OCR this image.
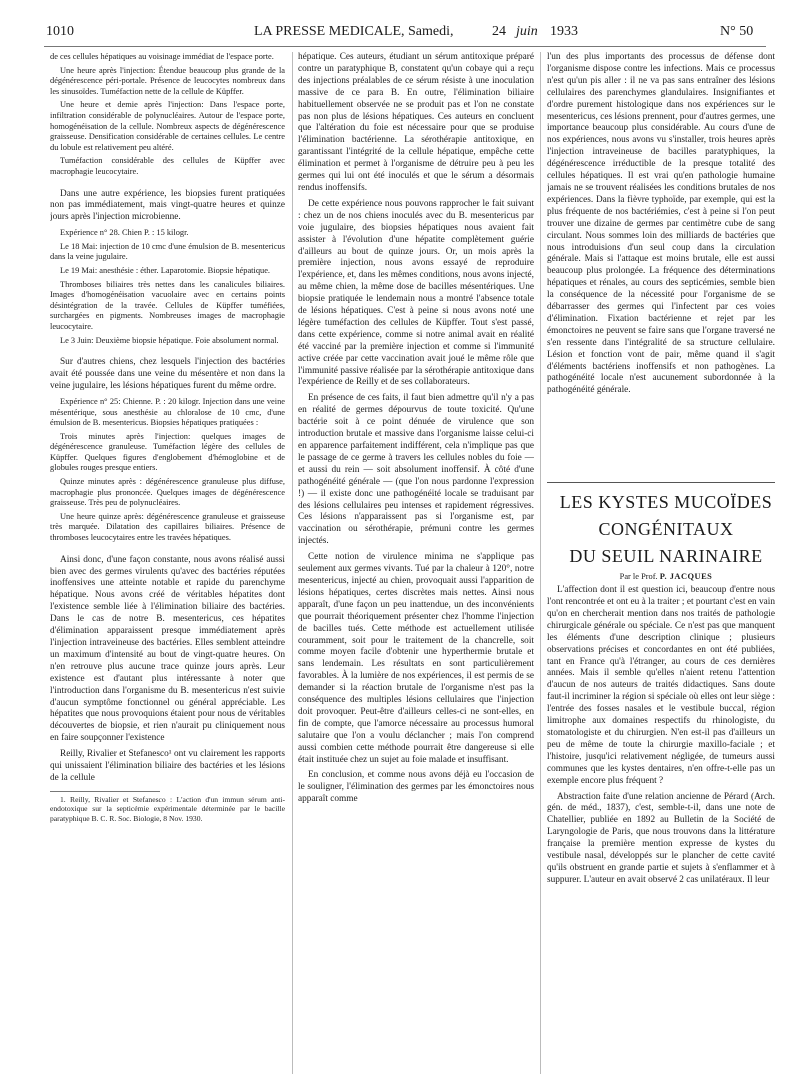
1010	LA PRESSE MEDICALE, Samedi,	24 juin 1933	N° 50

de ces cellules hépatiques au voisinage immédiat de l'espace porte.

Une heure après l'injection: Étendue beaucoup plus grande de la dégénérescence péri-portale. Présence de leucocytes nombreux dans les sinusoïdes. Tuméfaction nette de la cellule de Küpffer.

Une heure et demie après l'injection: Dans l'espace porte, infiltration considérable de polynucléaires. Autour de l'espace porte, homogénéisation de la cellule. Nombreux aspects de dégénérescence graisseuse. Densification considérable de certaines cellules. Le centre du lobule est relativement peu altéré.

Tuméfaction considérable des cellules de Küpffer avec macrophagie leucocytaire.

Dans une autre expérience, les biopsies furent pratiquées non pas immédiatement, mais vingt-quatre heures et quinze jours après l'injection microbienne.

Expérience n° 28. Chien P. : 15 kilogr.

Le 18 Mai: injection de 10 cmc d'une émulsion de B. mesentericus dans la veine jugulaire.

Le 19 Mai: anesthésie : éther. Laparotomie. Biopsie hépatique.

Thromboses biliaires très nettes dans les canalicules biliaires. Images d'homogénéisation vacuolaire avec en certains points désintégration de la travée. Cellules de Küpffer tuméfiées, surchargées en pigments. Nombreuses images de macrophagie leucocytaire.

Le 3 Juin: Deuxième biopsie hépatique. Foie absolument normal.

Sur d'autres chiens, chez lesquels l'injection des bactéries avait été poussée dans une veine du mésentère et non dans la veine jugulaire, les lésions hépatiques furent du même ordre.

Expérience n° 25: Chienne. P. : 20 kilogr. Injection dans une veine mésentérique, sous anesthésie au chloralose de 10 cmc, d'une émulsion de B. mesentericus. Biopsies hépatiques pratiquées :

Trois minutes après l'injection: quelques images de dégénérescence granuleuse. Tuméfaction légère des cellules de Küpffer. Quelques figures d'englobement d'hémoglobine et de globules rouges presque entiers.

Quinze minutes après : dégénérescence granuleuse plus diffuse, macrophagie plus prononcée. Quelques images de dégénérescence graisseuse. Très peu de polynucléaires.

Une heure quinze après: dégénérescence granuleuse et graisseuse très marquée. Dilatation des capillaires biliaires. Présence de thromboses leucocytaires entre les travées hépatiques.

Ainsi donc, d'une façon constante, nous avons réalisé aussi bien avec des germes virulents qu'avec des bactéries réputées inoffensives une atteinte notable et rapide du parenchyme hépatique. Nous avons créé de véritables hépatites dont l'existence semble liée à l'élimination biliaire des bactéries. Dans le cas de notre B. mesentericus, ces hépatites d'élimination apparaissent presque immédiatement après l'injection intraveineuse des bactéries. Elles semblent atteindre un maximum d'intensité au bout de vingt-quatre heures. On n'en retrouve plus aucune trace quinze jours après. Leur existence est d'autant plus intéressante à noter que l'introduction dans l'organisme du B. mesentericus n'est suivie d'aucun symptôme fonctionnel ou général appréciable. Les hépatites que nous provoquions étaient pour nous de véritables découvertes de biopsie, et rien n'aurait pu cliniquement nous en faire soupçonner l'existence

Reilly, Rivalier et Stefanesco¹ ont vu clairement les rapports qui unissaient l'élimination biliaire des bactéries et les lésions de la cellule

1. Reilly, Rivalier et Stefanesco : L'action d'un immun sérum anti-endotoxique sur la septicémie expérimentale déterminée par le bacille paratyphique B. C. R. Soc. Biologie, 8 Nov. 1930.

hépatique. Ces auteurs, étudiant un sérum antitoxique préparé contre un paratyphique B, constatent qu'un cobaye qui a reçu des injections préalables de ce sérum résiste à une inoculation massive de ce para B. En outre, l'élimination biliaire habituellement observée ne se produit pas et l'on ne constate pas non plus de lésions hépatiques. Ces auteurs en concluent que l'altération du foie est nécessaire pour que se produise l'élimination bactérienne. La sérothérapie antitoxique, en garantissant l'intégrité de la cellule hépatique, empêche cette élimination et permet à l'organisme de détruire peu à peu les germes qui lui ont été inoculés et que le sérum a désormais rendus inoffensifs.

De cette expérience nous pouvons rapprocher le fait suivant : chez un de nos chiens inoculés avec du B. mesentericus par voie jugulaire, des biopsies hépatiques nous avaient fait assister à l'évolution d'une hépatite complètement guérie d'ailleurs au bout de quinze jours. Or, un mois après la première injection, nous avons essayé de reproduire l'expérience, et, dans les mêmes conditions, nous avons injecté, au même chien, la même dose de bacilles mésentériques. Une biopsie pratiquée le lendemain nous a montré l'absence totale de lésions hépatiques. C'est à peine si nous avons noté une légère tuméfaction des cellules de Küpffer. Tout s'est passé, dans cette expérience, comme si notre animal avait en réalité été vacciné par la première injection et comme si l'immunité active créée par cette vaccination avait joué le même rôle que l'immunité passive réalisée par la sérothérapie antitoxique dans l'expérience de Reilly et de ses collaborateurs.

En présence de ces faits, il faut bien admettre qu'il n'y a pas en réalité de germes dépourvus de toute toxicité. Qu'une bactérie soit à ce point dénuée de virulence que son introduction brutale et massive dans l'organisme laisse celui-ci en apparence parfaitement indifférent, cela n'implique pas que le passage de ce germe à travers les cellules nobles du foie — et aussi du rein — soit absolument inoffensif. À côté d'une pathogénéité générale — (que l'on nous pardonne l'expression !) — il existe donc une pathogénéité locale se traduisant par des lésions cellulaires peu intenses et rapidement régressives. Ces lésions n'apparaissent pas si l'organisme est, par vaccination ou sérothérapie, prémuni contre les germes injectés.

Cette notion de virulence minima ne s'applique pas seulement aux germes vivants. Tué par la chaleur à 120°, notre mesentericus, injecté au chien, provoquait aussi l'apparition de lésions hépatiques, certes discrètes mais nettes. Ainsi nous apparaît, d'une façon un peu inattendue, un des inconvénients que pourrait théoriquement présenter chez l'homme l'injection de bacilles tués. Cette méthode est actuellement utilisée couramment, soit pour le traitement de la chancrelle, soit comme moyen facile d'obtenir une hyperthermie brutale et sans lendemain. Les résultats en sont particulièrement favorables. À la lumière de nos expériences, il est permis de se demander si la réaction brutale de l'organisme n'est pas la conséquence des multiples lésions cellulaires que l'injection doit provoquer. Peut-être d'ailleurs celles-ci ne sont-elles, en fin de compte, que l'amorce nécessaire au processus humoral salutaire que l'on a voulu déclancher ; mais l'on comprend aussi combien cette méthode pourrait être dangereuse si elle était instituée chez un sujet au foie malade et insuffisant.

En conclusion, et comme nous avons déjà eu l'occasion de le souligner, l'élimination des germes par les émonctoires nous apparaît comme

l'un des plus importants des processus de défense dont l'organisme dispose contre les infections. Mais ce processus n'est qu'un pis aller : il ne va pas sans entraîner des lésions cellulaires des parenchymes glandulaires. Insignifiantes et d'ordre purement histologique dans nos expériences sur le mesentericus, ces lésions prennent, pour d'autres germes, une importance beaucoup plus considérable. Au cours d'une de nos expériences, nous avons vu s'installer, trois heures après l'injection intraveineuse de bacilles paratyphiques, la dégénérescence irréductible de la presque totalité des cellules hépatiques. Il est vrai qu'en pathologie humaine jamais ne se trouvent réalisées les conditions brutales de nos expériences. Dans la fièvre typhoïde, par exemple, qui est la plus fréquente de nos bactériémies, c'est à peine si l'on peut trouver une dizaine de germes par centimètre cube de sang circulant. Nous sommes loin des milliards de bactéries que nous introduisions d'un seul coup dans la circulation générale. Mais si l'attaque est moins brutale, elle est aussi beaucoup plus prolongée. La fréquence des déterminations hépatiques et rénales, au cours des septicémies, semble bien la conséquence de la nécessité pour l'organisme de se débarrasser des germes qui l'infectent par ces voies d'élimination. Fixation bactérienne et rejet par les émonctoires ne peuvent se faire sans que l'organe traversé ne s'en ressente dans l'intégralité de sa structure cellulaire. Lésion et fonction vont de pair, même quand il s'agit d'éléments bactériens inoffensifs et non pathogènes. La pathogénéité locale n'est aucunement subordonnée à la pathogénéité générale.

LES KYSTES MUCOÏDES

CONGÉNITAUX

DU SEUIL NARINAIRE

Par le Prof. P. JACQUES

L'affection dont il est question ici, beaucoup d'entre nous l'ont rencontrée et ont eu à la traiter ; et pourtant c'est en vain qu'on en chercherait mention dans nos traités de pathologie chirurgicale générale ou spéciale. Ce n'est pas que manquent les éléments d'une description clinique ; plusieurs observations précises et concordantes en ont été publiées, tant en France qu'à l'étranger, au cours de ces dernières années. Mais il semble qu'elles n'aient retenu l'attention d'aucun de nos auteurs de traités didactiques. Sans doute faut-il incriminer la région si spéciale où elles ont leur siège : l'entrée des fosses nasales et le vestibule buccal, région limitrophe aux domaines respectifs du rhinologiste, du stomatologiste et du chirurgien. N'en est-il pas d'ailleurs un peu de même de toute la chirurgie maxillo-faciale ; et l'histoire, jusqu'ici relativement négligée, de tumeurs aussi communes que les kystes dentaires, n'en offre-t-elle pas un exemple encore plus fréquent ?

Abstraction faite d'une relation ancienne de Pérard (Arch. gén. de méd., 1837), c'est, semble-t-il, dans une note de Chatellier, publiée en 1892 au Bulletin de la Société de Laryngologie de Paris, que nous trouvons dans la littérature française la première mention expresse de kystes du vestibule nasal, développés sur le plancher de cette cavité qu'ils obstruent en grande partie et sujets à s'enflammer et à suppurer. L'auteur en avait observé 2 cas unilatéraux. Il leur
